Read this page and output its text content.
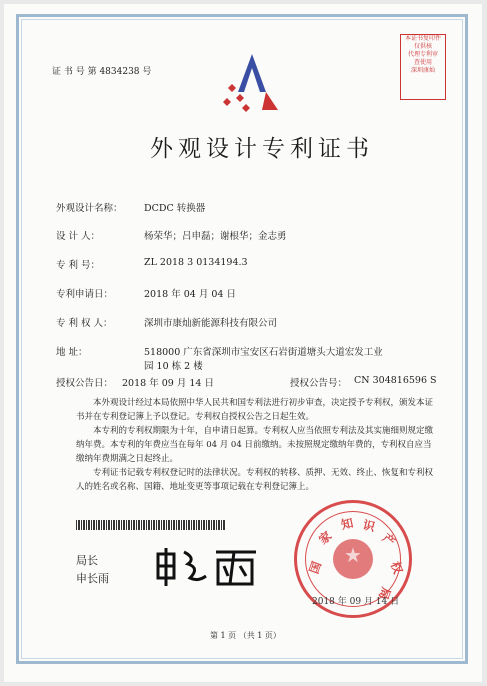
证 书 号 第 4834238 号
本证书复印件
仅供核
代理专利审
查使用
深圳康灿
外观设计专利证书
外观设计名称： DCDC 转换器
设 计 人：	杨荣华；吕申磊；谢根华；金志勇
专 利 号：	ZL 2018 3 0134194.3
专利申请日：	2018 年 04 月 04 日
专 利 权 人：	深圳市康灿新能源科技有限公司
地 址：	518000 广东省深圳市宝安区石岩街道塘头大道宏发工业
园 10 栋 2 楼
授权公告日： 2018 年 09 月 14 日	授权公告号： CN 304816596 S
本外观设计经过本局依照中华人民共和国专利法进行初步审查，决定授予专利权，颁发本证书并在专利登记簿上予以登记。专利权自授权公告之日起生效。
本专利的专利权期限为十年，自申请日起算。专利权人应当依照专利法及其实施细则规定缴纳年费。本专利的年费应当在每年 04 月 04 日前缴纳。未按照规定缴纳年费的，专利权自应当缴纳年费期满之日起终止。
专利证书记载专利权登记时的法律状况。专利权的转移、质押、无效、终止、恢复和专利权人的姓名或名称、国籍、地址变更等事项记载在专利登记簿上。
局长
申长雨
★
国
家
知 识
产
权
局
2018 年 09 月 14 日
第 1 页 （共 1 页）
